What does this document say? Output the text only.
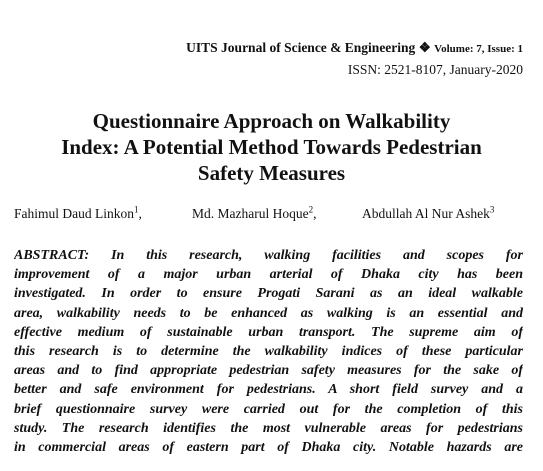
UITS Journal of Science & Engineering ❖ Volume: 7, Issue: 1
ISSN: 2521-8107, January-2020
Questionnaire Approach on Walkability
Index: A Potential Method Towards Pedestrian
Safety Measures
Fahimul Daud Linkon$^1$,	Md. Mazharul Hoque$^2$,	Abdullah Al Nur Ashek$^3$
ABSTRACT: In this research, walking facilities and scopes for
improvement of a major urban arterial of Dhaka city has been
investigated. In order to ensure Progati Sarani as an ideal walkable
area, walkability needs to be enhanced as walking is an essential and
effective medium of sustainable urban transport. The supreme aim of
this research is to determine the walkability indices of these particular
areas and to find appropriate pedestrian safety measures for the sake of
better and safe environment for pedestrians. A short field survey and a
brief questionnaire survey were carried out for the completion of this
study. The research identifies the most vulnerable areas for pedestrians
in commercial areas of eastern part of Dhaka city. Notable hazards are
